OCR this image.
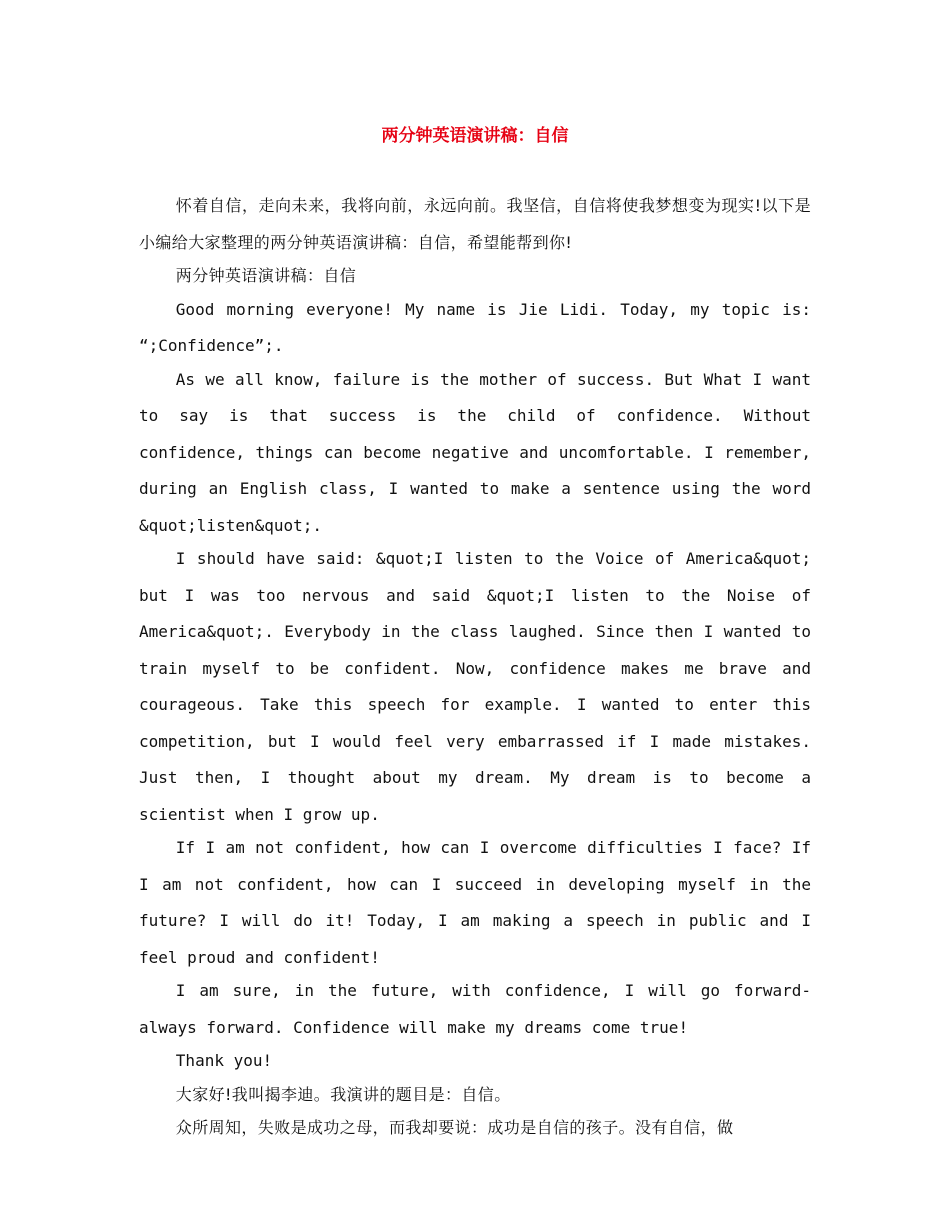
两分钟英语演讲稿：自信

怀着自信，走向未来，我将向前，永远向前。我坚信，自信将使我梦想变为现实!以下是小编给大家整理的两分钟英语演讲稿：自信，希望能帮到你!

两分钟英语演讲稿：自信

Good morning everyone! My name is Jie Lidi. Today, my topic is: “;Confidence”;.

As we all know, failure is the mother of success. But What I want to say is that success is the child of confidence. Without confidence, things can become negative and uncomfortable. I remember, during an English class, I wanted to make a sentence using the word &quot;listen&quot;.

I should have said: &quot;I listen to the Voice of America&quot; but I was too nervous and said &quot;I listen to the Noise of America&quot;. Everybody in the class laughed. Since then I wanted to train myself to be confident. Now, confidence makes me brave and courageous. Take this speech for example. I wanted to enter this competition, but I would feel very embarrassed if I made mistakes. Just then, I thought about my dream. My dream is to become a scientist when I grow up.

If I am not confident, how can I overcome difficulties I face? If I am not confident, how can I succeed in developing myself in the future? I will do it! Today, I am making a speech in public and I feel proud and confident!

I am sure, in the future, with confidence, I will go forward-always forward. Confidence will make my dreams come true!

Thank you!

大家好!我叫揭李迪。我演讲的题目是：自信。

众所周知，失败是成功之母，而我却要说：成功是自信的孩子。没有自信，做
